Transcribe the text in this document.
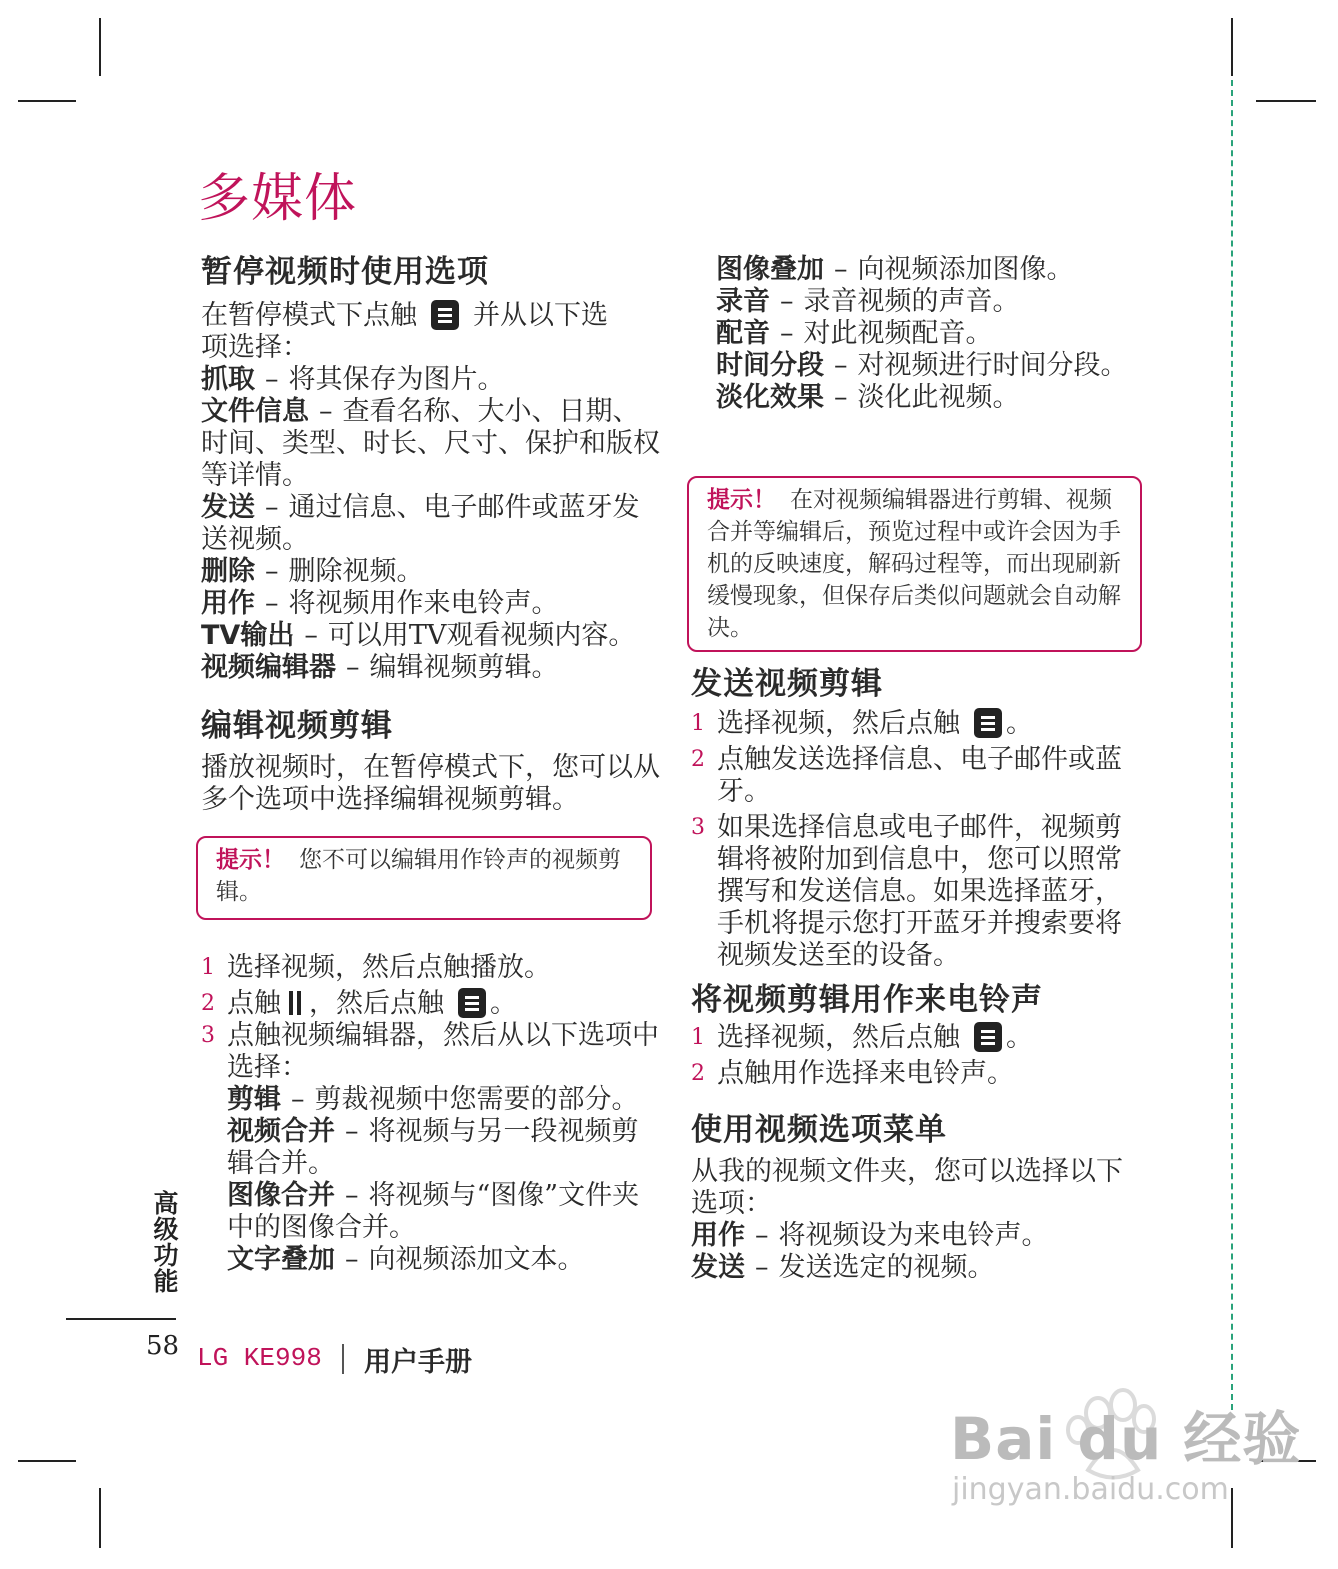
多媒体
暂停视频时使用选项

在暂停模式下点触 并从以下选
项选择：

抓取 – 将其保存为图片。

文件信息 – 查看名称、大小、日期、时间、类型、时长、尺寸、保护和版权等详情。

发送 – 通过信息、电子邮件或蓝牙发送视频。

删除 – 删除视频。

用作 – 将视频用作来电铃声。

TV输出 – 可以用TV观看视频内容。

视频编辑器 – 编辑视频剪辑。

编辑视频剪辑

播放视频时，在暂停模式下，您可以从多个选项中选择编辑视频剪辑。

提示！ 您不可以编辑用作铃声的视频剪辑。
1 选择视频，然后点触播放。
2 点触 ，然后点触 。
3 点触视频编辑器，然后从以下选项中选择：

剪辑 – 剪裁视频中您需要的部分。

视频合并 – 将视频与另一段视频剪辑合并。

图像合并 – 将视频与“图像”文件夹中的图像合并。

文字叠加 – 向视频添加文本。

图像叠加 – 向视频添加图像。

录音 – 录音视频的声音。

配音 – 对此视频配音。

时间分段 – 对视频进行时间分段。

淡化效果 – 淡化此视频。

提示！ 在对视频编辑器进行剪辑、视频合并等编辑后，预览过程中或许会因为手机的反映速度，解码过程等，而出现刷新缓慢现象，但保存后类似问题就会自动解决。
发送视频剪辑
1 选择视频，然后点触 。
2 点触发送选择信息、电子邮件或蓝牙。
3 如果选择信息或电子邮件，视频剪辑将被附加到信息中，您可以照常撰写和发送信息。如果选择蓝牙，手机将提示您打开蓝牙并搜索要将视频发送至的设备。
将视频剪辑用作来电铃声
1 选择视频，然后点触 。
2 点触用作选择来电铃声。
使用视频选项菜单

从我的视频文件夹，您可以选择以下选项：

用作 – 将视频设为来电铃声。

发送 – 发送选定的视频。

高级功能
58 LG KE998 用户手册
Bai du 经验
jingyan.baidu.com
